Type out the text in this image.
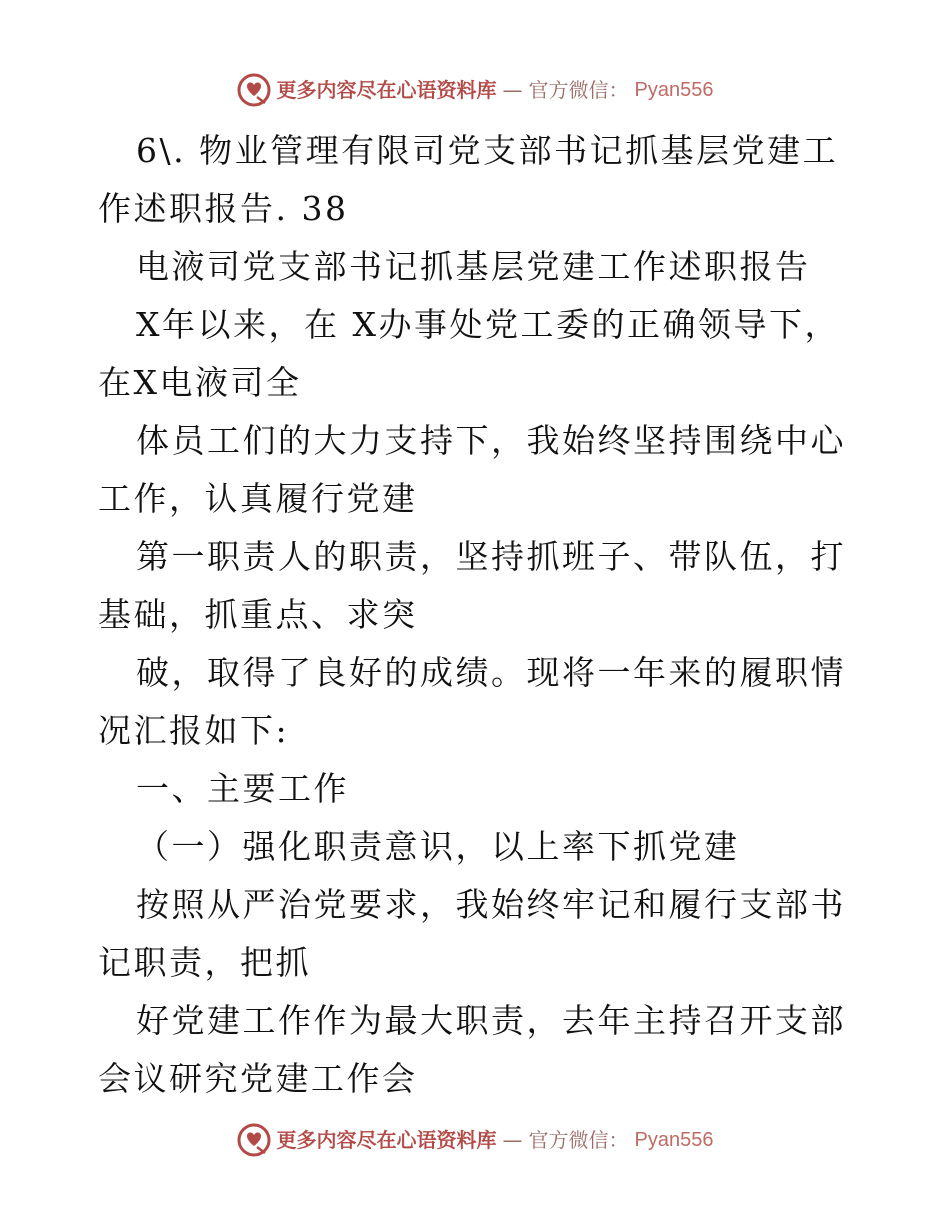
更多内容尽在心语资料库 — 官方微信： Pyan556

6\. 物业管理有限司党支部书记抓基层党建工作述职报告. 38

电液司党支部书记抓基层党建工作述职报告

X年以来，在 X办事处党工委的正确领导下，在X电液司全

体员工们的大力支持下，我始终坚持围绕中心工作，认真履行党建

第一职责人的职责，坚持抓班子、带队伍，打基础，抓重点、求突

破，取得了良好的成绩。现将一年来的履职情况汇报如下:

一、主要工作

（一）强化职责意识，以上率下抓党建

按照从严治党要求，我始终牢记和履行支部书记职责，把抓

好党建工作作为最大职责，去年主持召开支部会议研究党建工作会

更多内容尽在心语资料库 — 官方微信： Pyan556
